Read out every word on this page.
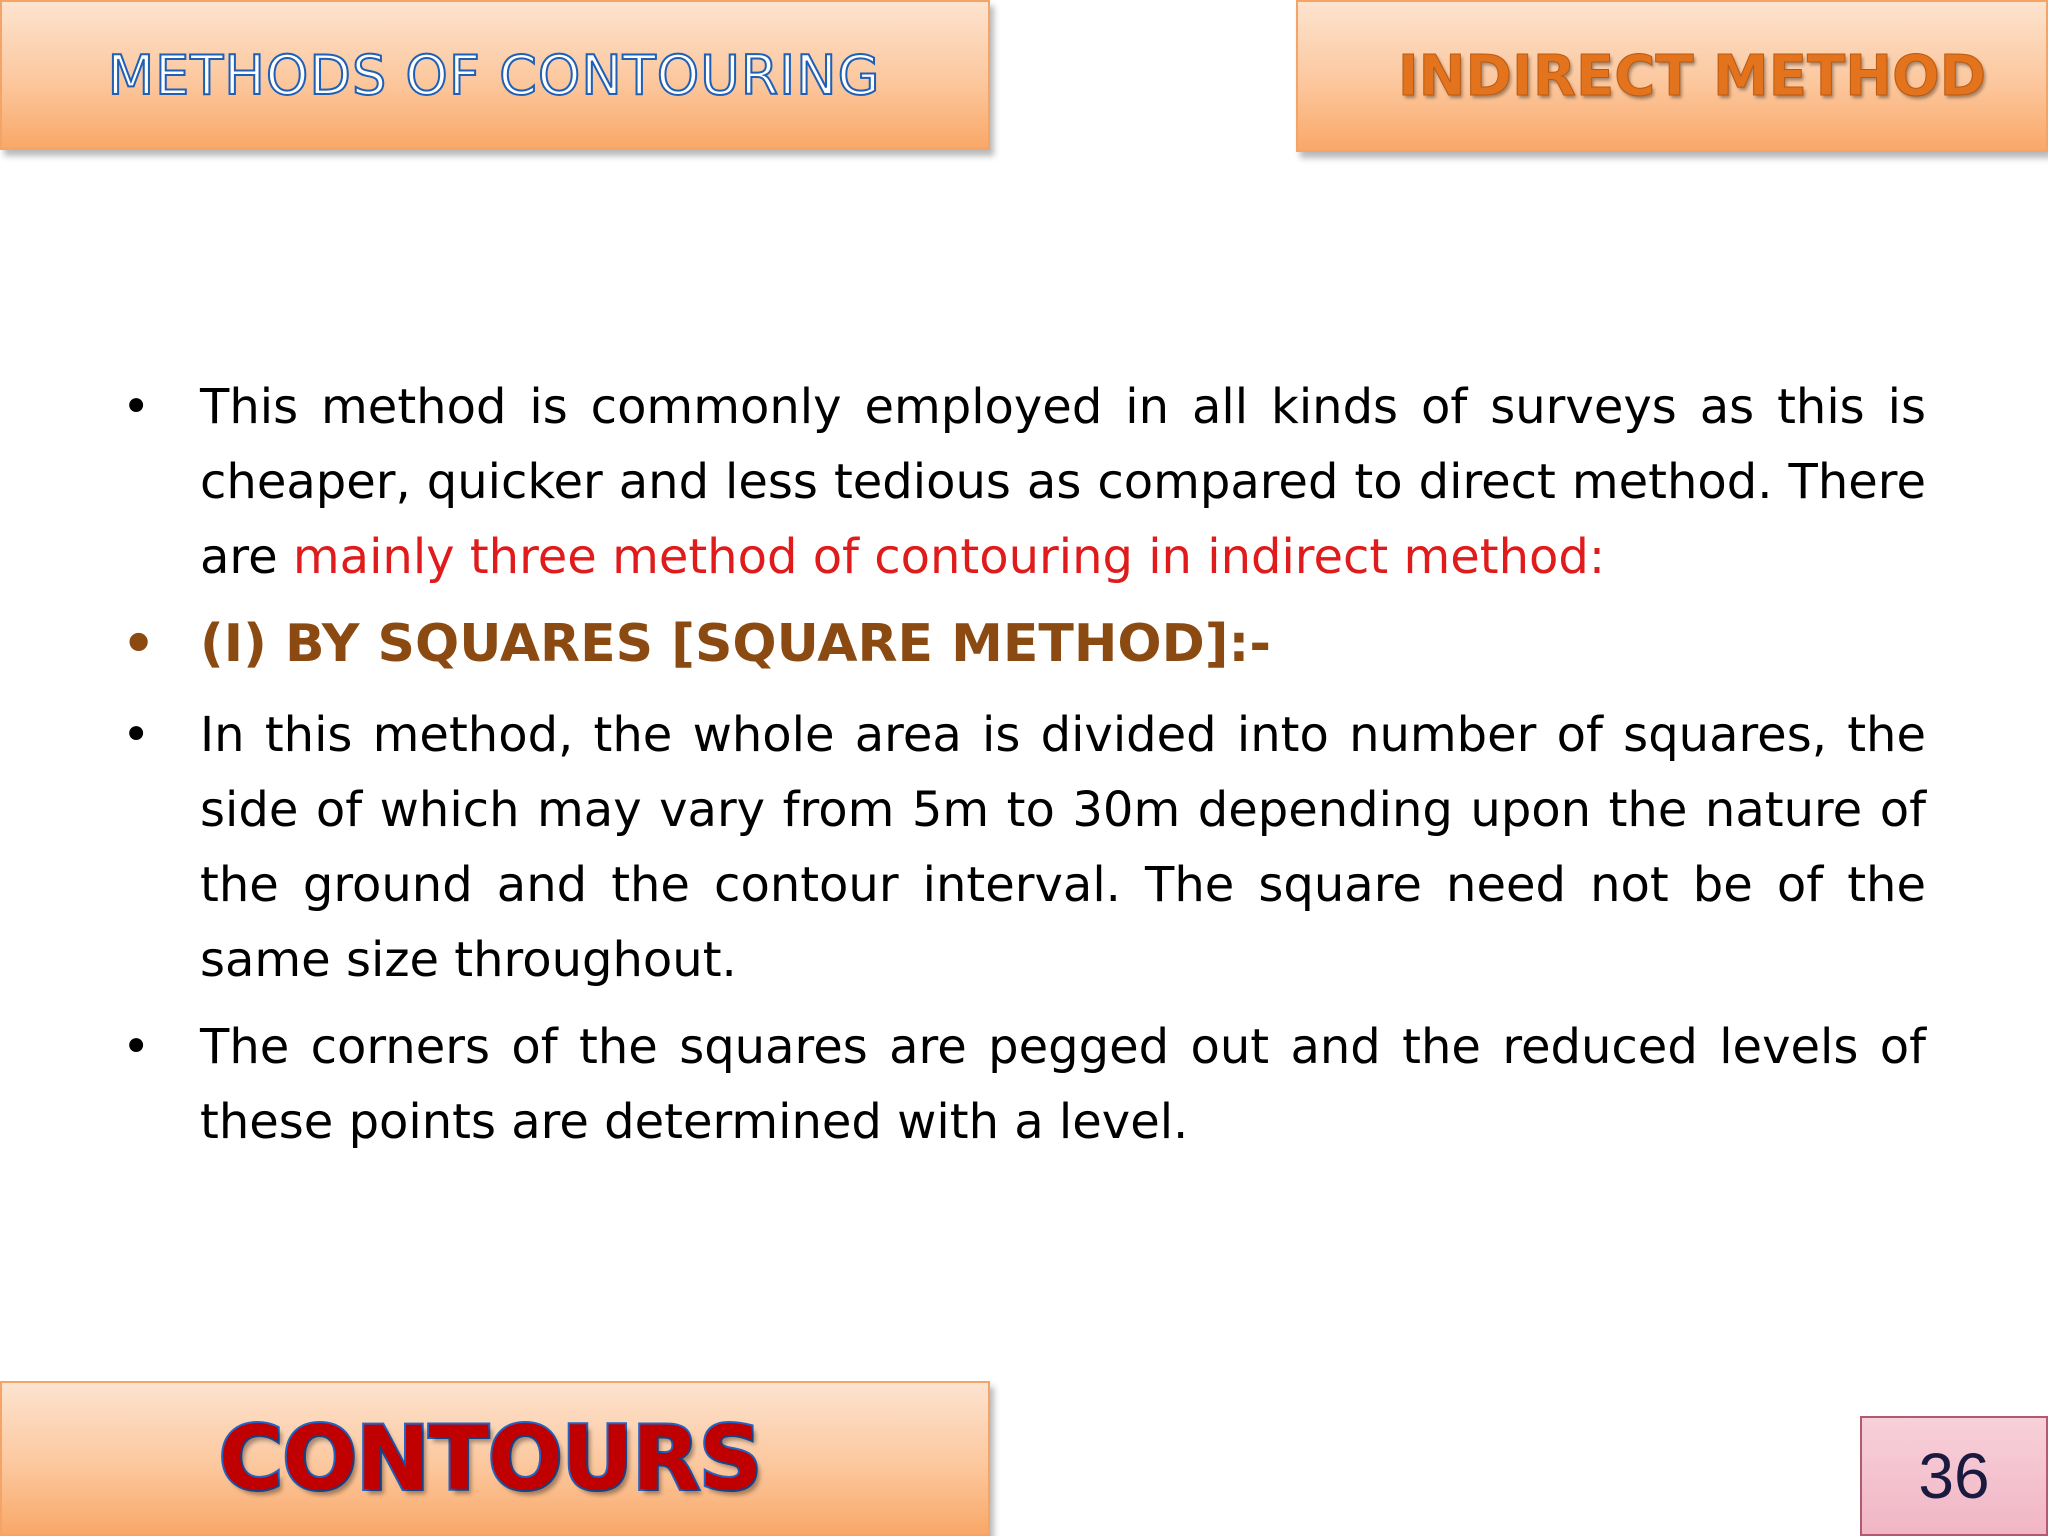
METHODS OF CONTOURING	INDIRECT METHOD
• This method is commonly employed in all kinds of surveys as this is cheaper, quicker and less tedious as compared to direct method. There are mainly three method of contouring in indirect method:
• (I) BY SQUARES [SQUARE METHOD]:-
• In this method, the whole area is divided into number of squares, the side of which may vary from 5m to 30m depending upon the nature of the ground and the contour interval. The square need not be of the same size throughout.
• The corners of the squares are pegged out and the reduced levels of these points are determined with a level.
CONTOURS	36
